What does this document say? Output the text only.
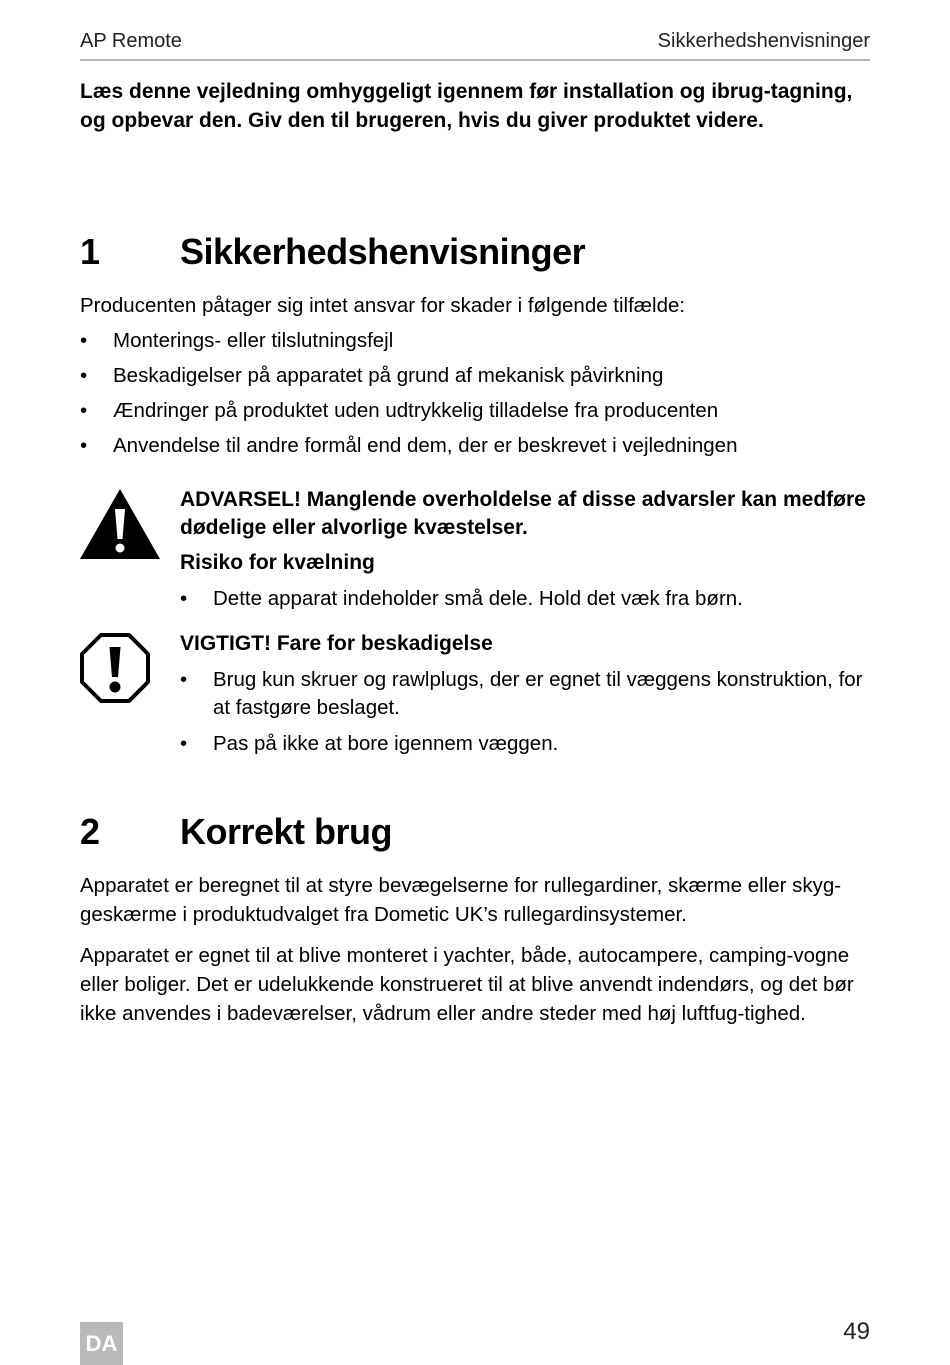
AP Remote	Sikkerhedshenvisninger
Læs denne vejledning omhyggeligt igennem før installation og ibrug-tagning, og opbevar den. Giv den til brugeren, hvis du giver produktet videre.
1 Sikkerhedshenvisninger
Producenten påtager sig intet ansvar for skader i følgende tilfælde:
• Monterings- eller tilslutningsfejl
• Beskadigelser på apparatet på grund af mekanisk påvirkning
• Ændringer på produktet uden udtrykkelig tilladelse fra producenten
• Anvendelse til andre formål end dem, der er beskrevet i vejledningen
ADVARSEL! Manglende overholdelse af disse advarsler kan medføre dødelige eller alvorlige kvæstelser.
Risiko for kvælning
• Dette apparat indeholder små dele. Hold det væk fra børn.
VIGTIGT! Fare for beskadigelse
• Brug kun skruer og rawlplugs, der er egnet til væggens konstruktion, for at fastgøre beslaget.
• Pas på ikke at bore igennem væggen.
2 Korrekt brug
Apparatet er beregnet til at styre bevægelserne for rullegardiner, skærme eller skyg-geskærme i produktudvalget fra Dometic UK’s rullegardinsystemer.
Apparatet er egnet til at blive monteret i yachter, både, autocampere, camping-vogne eller boliger. Det er udelukkende konstrueret til at blive anvendt indendørs, og det bør ikke anvendes i badeværelser, vådrum eller andre steder med høj luftfug-tighed.
DA	49
